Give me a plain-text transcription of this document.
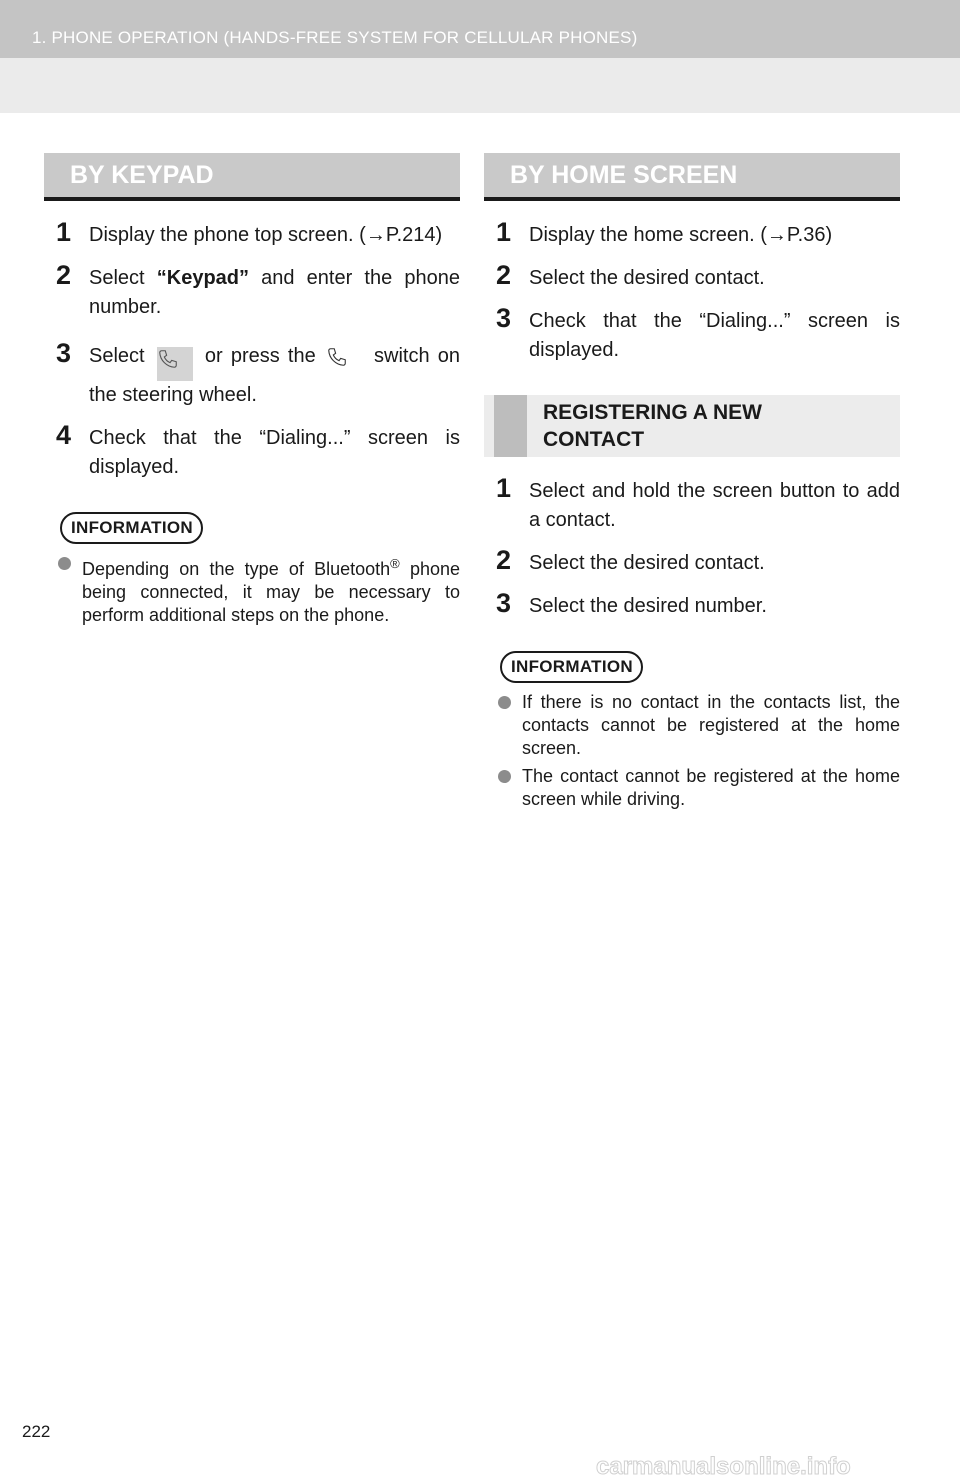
1. PHONE OPERATION (HANDS-FREE SYSTEM FOR CELLULAR PHONES)
BY KEYPAD
1 Display the phone top screen. (→P.214)
2 Select “Keypad” and enter the phone number.
3 Select  or press the  switch on the steering wheel.
4 Check that the “Dialing...” screen is displayed.
INFORMATION
Depending on the type of Bluetooth® phone being connected, it may be necessary to perform additional steps on the phone.
BY HOME SCREEN
1 Display the home screen. (→P.36)
2 Select the desired contact.
3 Check that the “Dialing...” screen is displayed.
REGISTERING A NEW CONTACT
1 Select and hold the screen button to add a contact.
2 Select the desired contact.
3 Select the desired number.
INFORMATION
If there is no contact in the contacts list, the contacts cannot be registered at the home screen.
The contact cannot be registered at the home screen while driving.
222
carmanualsonline.info
